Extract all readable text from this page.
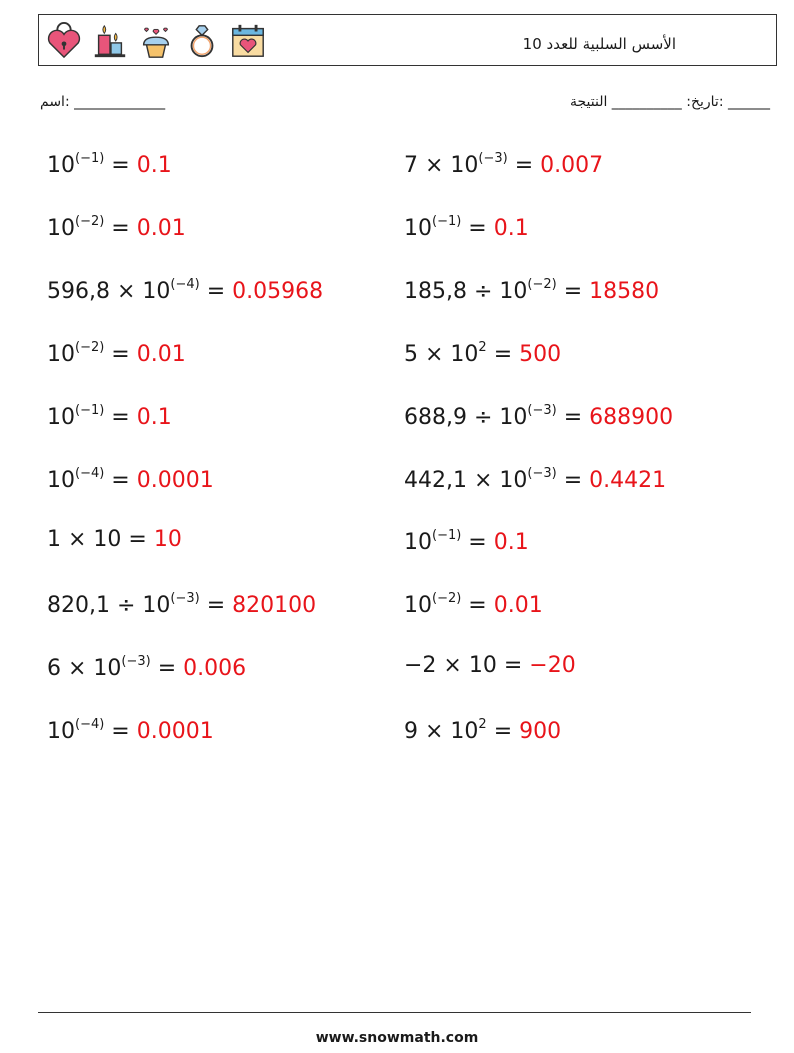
الأسس السلبية للعدد 10
_____________ :اسم	______ :تاريخ: __________ النتيجة
$10^{(-1)} = 0.1$	$7 \times 10^{(-3)} = 0.007$
$10^{(-2)} = 0.01$	$10^{(-1)} = 0.1$
$596,8 \times 10^{(-4)} = 0.05968$	$185,8 \div 10^{(-2)} = 18580$
$10^{(-2)} = 0.01$	$5 \times 10^2 = 500$
$10^{(-1)} = 0.1$	$688,9 \div 10^{(-3)} = 688900$
$10^{(-4)} = 0.0001$	$442,1 \times 10^{(-3)} = 0.4421$
1 × 10 = 10	$10^{(-1)} = 0.1$
$820,1 \div 10^{(-3)} = 820100$	$10^{(-2)} = 0.01$
$6 \times 10^{(-3)} = 0.006$	−2 × 10 = −20
$10^{(-4)} = 0.0001$	$9 \times 10^2 = 900$
www.snowmath.com
